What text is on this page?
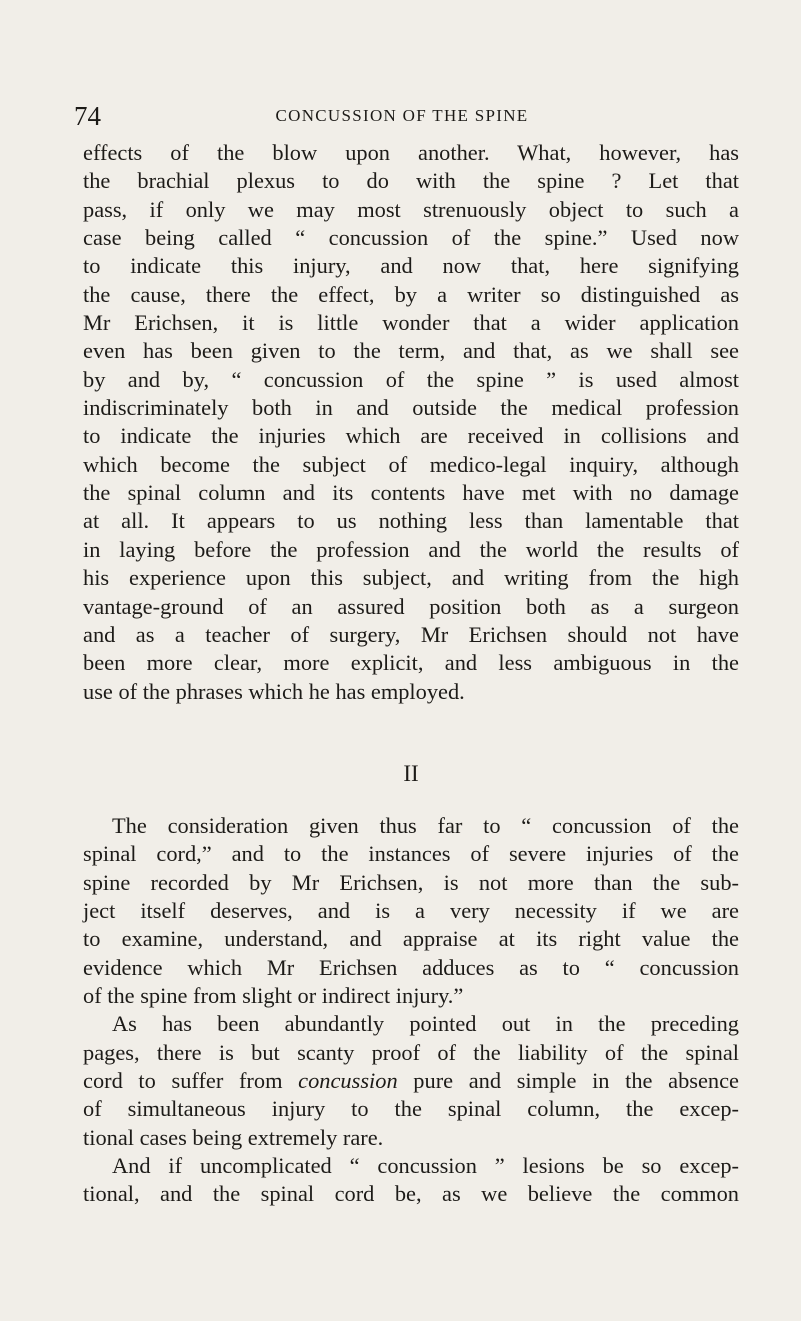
74	CONCUSSION OF THE SPINE

effects of the blow upon another. What, however, has

the brachial plexus to do with the spine ? Let that

pass, if only we may most strenuously object to such a

case being called “ concussion of the spine.” Used now

to indicate this injury, and now that, here signifying

the cause, there the effect, by a writer so distinguished as

Mr Erichsen, it is little wonder that a wider application

even has been given to the term, and that, as we shall see

by and by, “ concussion of the spine ” is used almost

indiscriminately both in and outside the medical profession

to indicate the injuries which are received in collisions and

which become the subject of medico-legal inquiry, although

the spinal column and its contents have met with no damage

at all. It appears to us nothing less than lamentable that

in laying before the profession and the world the results of

his experience upon this subject, and writing from the high

vantage-ground of an assured position both as a surgeon

and as a teacher of surgery, Mr Erichsen should not have

been more clear, more explicit, and less ambiguous in the

use of the phrases which he has employed.

II

The consideration given thus far to “ concussion of the

spinal cord,” and to the instances of severe injuries of the

spine recorded by Mr Erichsen, is not more than the sub-

ject itself deserves, and is a very necessity if we are

to examine, understand, and appraise at its right value the

evidence which Mr Erichsen adduces as to “ concussion

of the spine from slight or indirect injury.”

As has been abundantly pointed out in the preceding

pages, there is but scanty proof of the liability of the spinal

cord to suffer from concussion pure and simple in the absence

of simultaneous injury to the spinal column, the excep-

tional cases being extremely rare.

And if uncomplicated “ concussion ” lesions be so excep-

tional, and the spinal cord be, as we believe the common
